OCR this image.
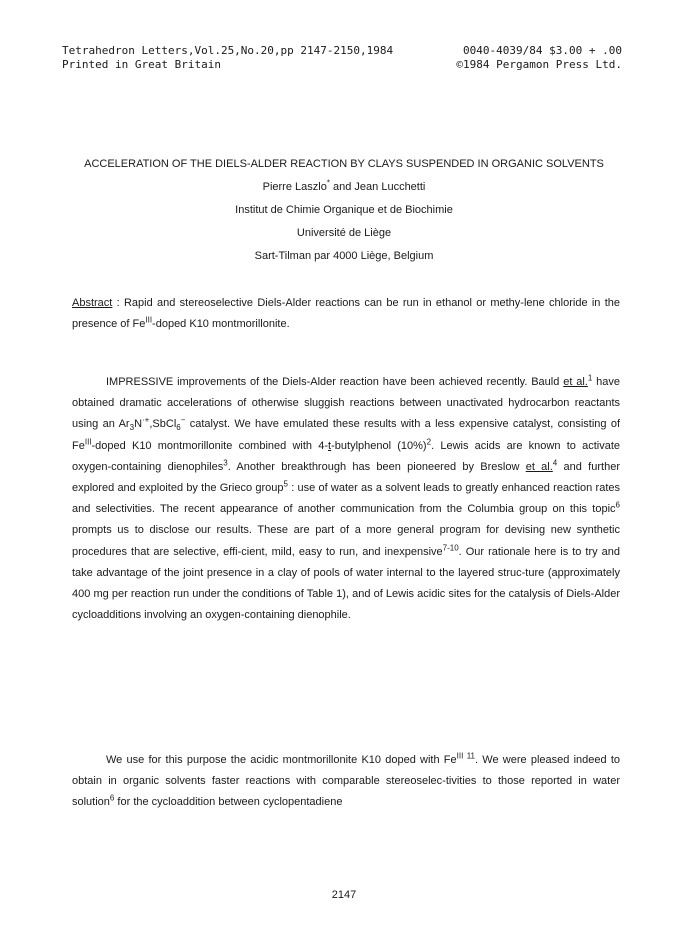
Tetrahedron Letters,Vol.25,No.20,pp 2147-2150,1984	0040-4039/84 $3.00 + .00
Printed in Great Britain	©1984 Pergamon Press Ltd.
ACCELERATION OF THE DIELS-ALDER REACTION BY CLAYS SUSPENDED IN ORGANIC SOLVENTS
Pierre Laszlo* and Jean Lucchetti
Institut de Chimie Organique et de Biochimie
Université de Liège
Sart-Tilman par 4000 Liège, Belgium

Abstract : Rapid and stereoselective Diels-Alder reactions can be run in ethanol or methy-lene chloride in the presence of $Fe^{III}$-doped K10 montmorillonite.

IMPRESSIVE improvements of the Diels-Alder reaction have been achieved recently. Bauld et al.$^1$ have obtained dramatic accelerations of otherwise sluggish reactions between unactivated hydrocarbon reactants using an $Ar_3N^{\cdot+},SbCl_6^-$ catalyst. We have emulated these results with a less expensive catalyst, consisting of $Fe^{III}$-doped K10 montmorillonite combined with 4-t-butylphenol $(10\%)^2$. Lewis acids are known to activate oxygen-containing dienophiles$^3$. Another breakthrough has been pioneered by Breslow et al.$^4$ and further explored and exploited by the Grieco group$^5$ : use of water as a solvent leads to greatly enhanced reaction rates and selectivities. The recent appearance of another communication from the Columbia group on this topic$^6$ prompts us to disclose our results. These are part of a more general program for devising new synthetic procedures that are selective, effi-cient, mild, easy to run, and inexpensive$^{7-10}$. Our rationale here is to try and take advantage of the joint presence in a clay of pools of water internal to the layered struc-ture (approximately 400 mg per reaction run under the conditions of Table 1), and of Lewis acidic sites for the catalysis of Diels-Alder cycloadditions involving an oxygen-containing dienophile.

We use for this purpose the acidic montmorillonite K10 doped with $Fe^{III 11}$. We were pleased indeed to obtain in organic solvents faster reactions with comparable stereoselec-tivities to those reported in water solution$^6$ for the cycloaddition between cyclopentadiene

2147
